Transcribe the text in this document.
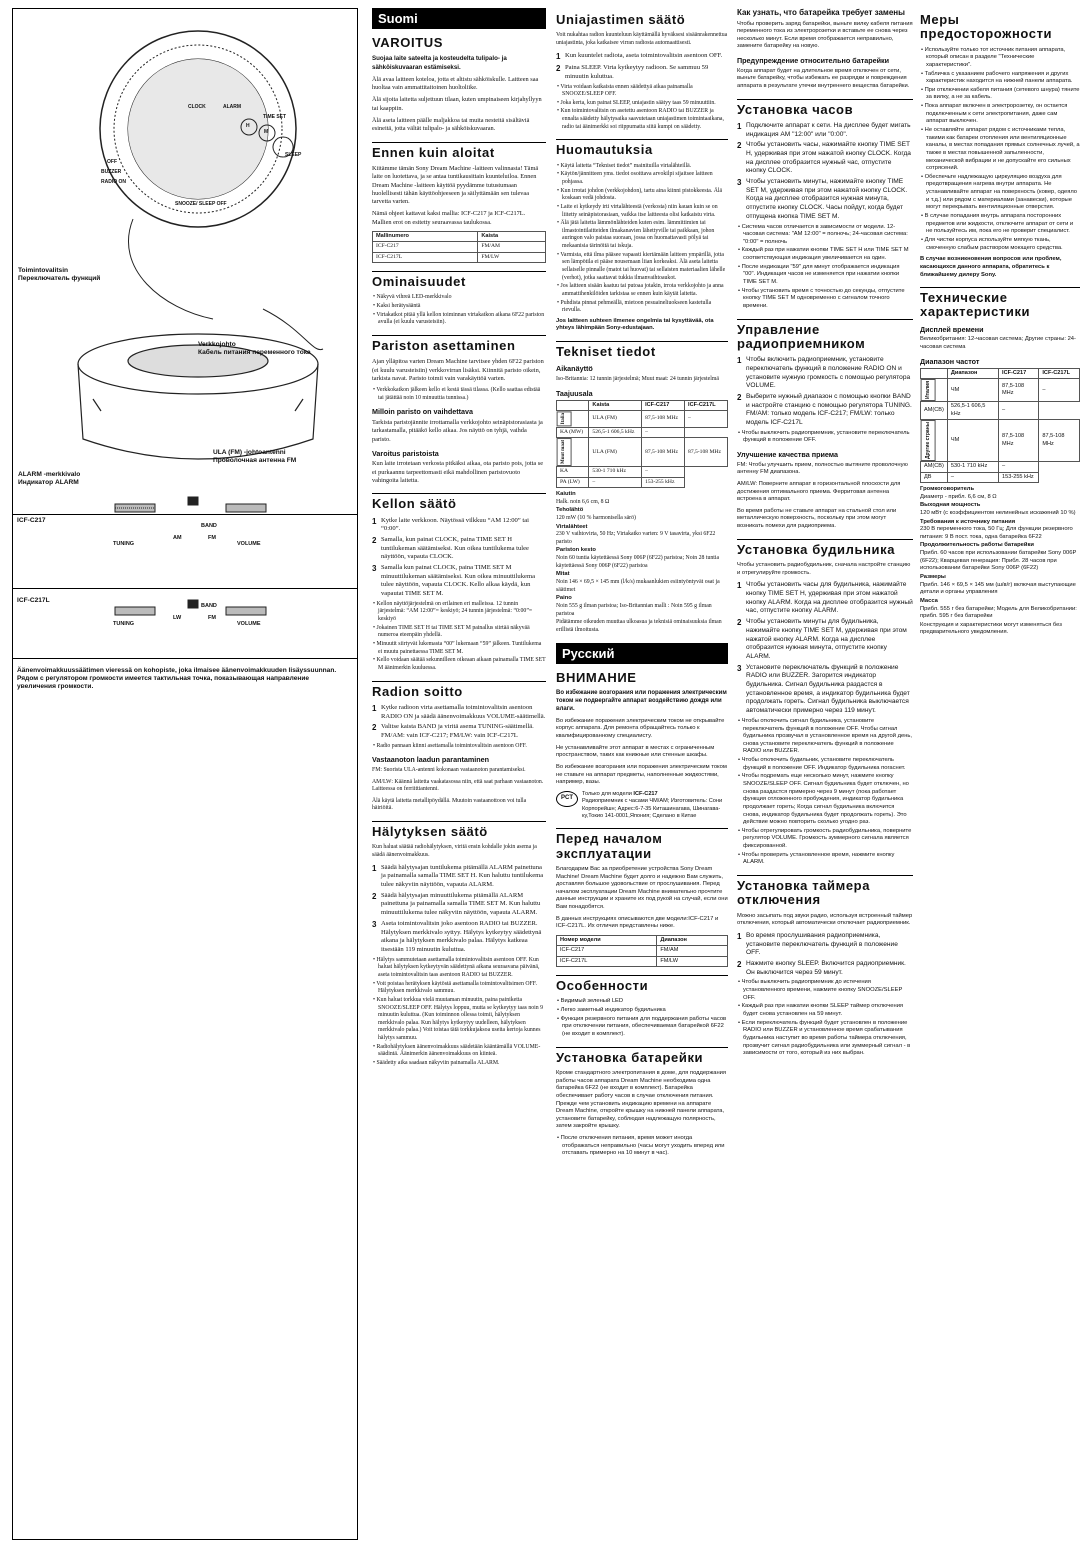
CLOCK	ALARM
TIME SET
H
M
SNOOZE/ SLEEP OFF
SLEEP
RADIO ON
OFF
BUZZER
Toimintovalitsin
Переключатель функций
Verkkojohto
Кабель питания переменного тока
ULA (FM) -johtoantenni
Проволочная антенна FM
ALARM -merkkivalo
Индикатор ALARM
ICF-C217
BAND
AM	FM
TUNING	VOLUME
ICF-C217L
BAND
LW	FM
TUNING	VOLUME
Äänenvoimakkuussäätimen vieressä on kohopiste, joka ilmaisee äänenvoimakkuuden lisäyssuunnan.
Рядом с регулятором громкости имеется тактильная точка, показывающая направление увеличения громкости.
Suomi
VAROITUS

Suojaa laite sateelta ja kosteudelta tulipalo- ja sähköiskuvaaran estämiseksi.

Älä avaa laitteen koteloa, jotta et altistu sähköiskulle. Laitteen saa huoltaa vain ammattitaitoinen huoltoliike.

Älä sijoita laitetta suljettuun tilaan, kuten umpinaiseen kirjahyllyyn tai kaappiin.

Älä aseta laitteen päälle maljakkoa tai muita nesteitä sisältäviä esineitä, jotta vältät tulipalo- ja sähköiskuvaaran.

Ennen kuin aloitat

Kiitämme tämän Sony Dream Machine -laitteen valinnasta! Tämä laite on luotettava, ja se antaa tuntikausittain kuunteluiloa. Ennen Dream Machine -laitteen käyttöä pyydämme tutustumaan huolellisesti tähän käyttöohjeeseen ja säilyttämään sen tulevaa tarvetta varten.

Nämä ohjeet kattavat kaksi mallia: ICF-C217 ja ICF-C217L. Mallien erot on esitetty seuraavassa taulukossa.

Mallinumero	Kaista
ICF-C217	FM/AM
ICF-C217L	FM/LW
Ominaisuudet
• Näkyvä vihreä LED-merkkivalo
• Kaksi herätysääntä
• Virtakatkot pitää yllä kellon toiminnan virtakatkon aikana 6F22 pariston avulla (ei kuulu varusteisiin).
Pariston asettaminen

Ajan ylläpitoa varten Dream Machine tarvitsee yhden 6F22 pariston (ei kuulu varusteisiin) verkkovirran lisäksi. Kiinnitä paristo oikein, tarkista navat. Paristo toimii vain varakäyttöä varten.

• Verkkokatkon jälkeen kello ei kestä tässä tilassa. (Kello saattaa edistää tai jätättää noin 10 minuuttia tunnissa.)
Milloin paristo on vaihdettava

Tarkista paristojännite irrottamalla verkkojohto seinäpistorasiasta ja tarkastamalla, pitääkö kello aikaa. Jos näyttö on tyhjä, vaihda paristo.

Varoitus paristoista

Kun laite irrotetaan verkosta pitkäksi aikaa, ota paristo pois, jotta se ei purkaannu tarpeettomasti eikä mahdollinen paristovuoto vahingoita laitetta.

Kellon säätö
1 Kytke laite verkkoon. Näytössä vilkkuu “AM 12:00” tai “0:00”.
2 Samalla, kun painat CLOCK, paina TIME SET H tuntilukeman säätämiseksi. Kun oikea tuntilukema tulee näyttöön, vapauta CLOCK.
3 Samalla kun painat CLOCK, paina TIME SET M minuuttilukeman säätämiseksi. Kun oikea minuuttilukema tulee näyttöön, vapauta CLOCK. Kello alkaa käydä, kun vapautat TIME SET M.
• Kellon näyttöjärjestelmä on erilainen eri malleissa. 12 tunnin järjestelmä: “AM 12:00”= keskiyö; 24 tunnin järjestelmä: “0:00”= keskiyö
• Jokainen TIME SET H tai TIME SET M painallus siirtää näkyvää numeroa eteenpäin yhdellä.
• Minuutit siirtyvät lukemasta “00” lukemaan “59” jälkeen. Tuntilukema ei muutu painettaessa TIME SET M.
• Kello voidaan säätää sekunnilleen oikeaan aikaan painamalla TIME SET M äänimerkin kuuluessa.
Radion soitto
1 Kytke radioon virta asettamalla toimintovalitsin asentoon RADIO ON ja säädä äänenvoimakkuus VOLUME-säätimellä.
2 Valitse kaista BAND ja viritä asema TUNING-säätimellä. FM/AM: vain ICF-C217; FM/LW: vain ICF-C217L
• Radio pannaan kiinni asettamalla toimintovalitsin asentoon OFF.
Vastaanoton laadun parantaminen

FM: Suorista ULA-antenni kokonaan vastaanoton parantamiseksi.

AM/LW: Käännä laitetta vaakatasossa niin, että saat parhaan vastaanoton. Laitteessa on ferriittiantenni.

Älä käytä laitetta metallipöydällä. Muutoin vastaanottoon voi tulla häiriöitä.

Hälytyksen säätö

Kun haluat säätää radiohälytyksen, viritä ensin kohdalle jokin asema ja säädä äänenvoimakkuus.

1 Säädä hälytysajan tuntilukema pitämällä ALARM painettuna ja painamalla samalla TIME SET H. Kun haluttu tuntilukema tulee näkyviin näyttöön, vapauta ALARM.
2 Säädä hälytysajan minuuttilukema pitämällä ALARM painettuna ja painamalla samalla TIME SET M. Kun haluttu minuuttilukema tulee näkyviin näyttöön, vapauta ALARM.
3 Aseta toimintovalitsin joko asentoon RADIO tai BUZZER. Hälytyksen merkkivalo syttyy. Hälytys kytkeytyy säädettynä aikana ja hälytyksen merkkivalo palaa. Hälytys katkeaa itsestään 119 minuutin kuluttua.
• Hälytys sammutetaan asettamalla toimintovalitsin asentoon OFF. Kun haluat hälytyksen kytkeytyvän säädettynä aikana seuraavana päivänä, aseta toimintovalitsin taas asentoon RADIO tai BUZZER.
• Voit poistaa herätyksen käytöstä asettamalla toimintovalitsimen OFF. Hälytyksen merkkivalo sammuu.
• Kun haluat torkkua vielä muutaman minuutin, paina painiketta SNOOZE/SLEEP OFF. Hälytys loppuu, mutta se kytkeytyy taas noin 9 minuutin kuluttua. (Kun toiminnon ollessa toimii, hälytyksen merkkivalo palaa. Kun hälytys kytkeytyy uudelleen, hälytyksen merkkivalo palaa.) Voit toistaa tätä torkkujaksoa useita kertoja kunnes hälytys sammuu.
• Radiohälytyksen äänenvoimakkuus säädetään kääntämällä VOLUME-säädintä. Äänimerkin äänenvoimakkuus on kiinteä.
• Säädetty aika saadaan näkyviin painamalla ALARM.
Uniajastimen säätö

Voit nukahtaa radion kuunteluun käyttämällä hyväksesi sisäänrakennettua uniajastinta, joka katkaisee virran radiosta automaattisesti.

1 Kun kuuntelet radiota, aseta toimintovalitsin asentoon OFF.
2 Paina SLEEP. Virta kytkeytyy radioon. Se sammuu 59 minuutin kuluttua.
• Virta voidaan katkaista ennen säädettyä aikaa painamalla SNOOZE/SLEEP OFF.
• Joka kerta, kun painat SLEEP, uniajastin säätyy taas 59 minuuttiin.
• Kun toimintovalitsin on asetettu asentoon RADIO tai BUZZER ja ennalta säädetty hälytysaika saavutetaan uniajastimen toimintaaikana, radio tai äänimerkki soi riippumatta siitä kumpi on säädetty.
Huomautuksia
• Käytä laitetta “Tekniset tiedot” mainituilla virtalähteillä.
• Käytön/jännitteen yms. tiedot osoittava arvokilpi sijaitsee laitteen pohjassa.
• Kun irrotat johdon (verkkojohdon), tartu aina kiinni pistokkeesta. Älä koskaan vedä johdosta.
• Laite ei kytkeydy irti virtalähteestä (verkosta) niin kauan kuin se on liitetty seinäpistorasiaan, vaikka itse laitteesta olisi katkaistu virta.
• Älä jätä laitetta lämmönlähteiden kuten esim. lämmittimien tai ilmastointilaitteiden ilmakanavien lähettyville tai paikkaan, johon auringon valo paistaa suoraan, jossa on huomattavasti pölyä tai mekaanisia tärinöitä tai iskuja.
• Varmista, että ilma pääsee vapaasti kiertämään laitteen ympärillä, jotta sen lämpötila ei pääse nousemaan liian korkeaksi. Älä aseta laitetta sellaiselle pinnalle (matot tai huovat) tai sellaisten materiaalien lähelle (verhot), jotka saattavat tukkia ilmanvaihtoaukot.
• Jos laitteen sisään kaatuu tai putoaa jotakin, irrota verkkojohto ja anna ammattihenkilöiden tarkistaa se ennen kuin käytät laitetta.
• Puhdista pinnat pehmeällä, mietoon pesuaineliuokseen kastetulla rievulla.

Jos laitteen suhteen ilmenee ongelmia tai kysyttävää, ota yhteys lähimpään Sony-edustajaan.

Tekniset tiedot
Aikanäyttö

Iso-Britannia: 12 tunnin järjestelmä; Muut maat: 24 tunnin järjestelmä

Taajuusala
	Kaista	ICF-C217	ICF-C217L

Italia	ULA (FM)	87,5-108 MHz	–
KA (MW)	526,5-1 606,5 kHz	–	

Muut maat	ULA (FM)	87,5-108 MHz	87,5-108 MHz
KA	530-1 710 kHz	–	
PA (LW)	–	153-255 kHz	

Kaiutin
Halk. noin 6,6 cm, 8 Ω

Teholähtö
120 mW (10 % harmonisella särö)

Virtalähteet
230 V vaihtovirta, 50 Hz; Virtakatko varten: 9 V tasavirta, yksi 6F22 paristo

Pariston kesto
Noin 60 tuntia käytettäessä Sony 006P (6F22) paristoa; Noin 28 tuntia käytettäessä Sony 006P (6F22) paristoa

Mitat
Noin 146 × 69,5 × 145 mm (l/k/s) mukaanlukien esiintyöntyvät osat ja säätimet

Paino
Noin 555 g ilman paristoa; Iso-Britannian malli : Noin 595 g ilman paristoa

Pidätämme oikeuden muuttaa ulkoasua ja teknisiä ominaisuuksia ilman erillistä ilmoitusta.

Русский
ВНИМАНИЕ

Во избежание возгорания или поражения электрическим током не подвергайте аппарат воздействию дождя или влаги.

Во избежание поражения электрическим током не открывайте корпус аппарата. Для ремонта обращайтесь только к квалифицированному специалисту.

Не устанавливайте этот аппарат в местах с ограниченным пространством, таких как книжные или стенные шкафы.

Во избежание возгорания или поражения электрическим током не ставьте на аппарат предметы, наполненные жидкостями, например, вазы.

PCT
Только для модели ICF-C217
Радиоприемник с часами ЧМ/АМ; Изготовитель: Сони Корпорейшн; Адрес:6-7-35 Киташинагава, Шинагава-ку,Токио 141-0001,Япония; Сделано в Китае
Перед началом эксплуатации

Благодарим Вас за приобретение устройства Sony Dream Machine! Dream Machine будет долго и надежно Вам служить, доставляя большое удовольствие от прослушивания. Перед началом эксплуатации Dream Machine внимательно прочтите данные инструкции и храните их под рукой на случай, если они Вам понадобятся.

В данных инструкциях описываются две модели:ICF-C217 и ICF-C217L. Их отличия представлены ниже.

Номер модели	Диапазон
ICF-C217	FM/AM
ICF-C217L	FM/LW
Особенности
• Видимый зеленый LED
• Легко заметный индикатор будильника
• Функция резервного питания для поддержания работы часов при отключении питания, обеспечиваемая батарейкой 6F22 (не входит в комплект).
Установка батарейки

Кроме стандартного электропитания в доме, для поддержания работы часов аппарата Dream Machine необходима одна батарейка 6F22 (не входит в комплект). Батарейка обеспечивает работу часов в случае отключения питания. Прежде чем установить индикацию времени на аппарате Dream Machine, откройте крышку на нижней панели аппарата, установите батарейку, соблюдая надлежащую полярность, затем закройте крышку.

• После отключения питания, время может иногда отображаться неправильно (часы могут уходить вперед или отставать примерно на 10 минут в час).
Как узнать, что батарейка требует замены

Чтобы проверить заряд батарейки, выньте вилку кабеля питания переменного тока из электророзетки и вставьте ее снова через несколько минут. Если время отображается неправильно, замените батарейку на новую.

Предупреждение относительно батарейки

Когда аппарат будет на длительное время отключен от сети, выньте батарейку, чтобы избежать ее разрядки и повреждения аппарата в результате утечки внутреннего вещества батарейки.

Установка часов
1 Подключите аппарат к сети. На дисплее будет мигать индикация AM "12:00" или "0:00".
2 Чтобы установить часы, нажимайте кнопку TIME SET H, удерживая при этом нажатой кнопку CLOCK. Когда на дисплее отобразится нужный час, отпустите кнопку CLOCK.
3 Чтобы установить минуты, нажимайте кнопку TIME SET M, удерживая при этом нажатой кнопку CLOCK. Когда на дисплее отобразится нужная минута, отпустите кнопку CLOCK. Часы пойдут, когда будет отпущена кнопка TIME SET M.
• Система часов отличается в зависимости от модели. 12-часовая система: "AM 12:00" = полночь; 24-часовая система: "0:00" = полночь
• Каждый раз при нажатии кнопки TIME SET H или TIME SET M соответствующая индикация увеличивается на один.
• После индикации "59" для минут отображается индикация "00". Индикация часов не изменяется при нажатии кнопки TIME SET M.
• Чтобы установить время с точностью до секунды, отпустите кнопку TIME SET M одновременно с сигналом точного времени.
Управление радиоприемником
1 Чтобы включить радиоприемник, установите переключатель функций в положение RADIO ON и установите нужную громкость с помощью регулятора VOLUME.
2 Выберите нужный диапазон с помощью кнопки BAND и настройте станцию с помощью регулятора TUNING. FM/AM: только модель ICF-C217; FM/LW: только модель ICF-C217L
• Чтобы выключить радиоприемник, установите переключатель функций в положение OFF.
Улучшение качества приема

FM: Чтобы улучшить прием, полностью вытяните проволочную антенну FM диапазона.

AM/LW: Поверните аппарат в горизонтальной плоскости для достижения оптимального приема. Ферритовая антенна встроена в аппарат.

Во время работы не ставьте аппарат на стальной стол или металлическую поверхность, поскольку при этом могут возникать помехи для радиоприема.

Установка будильника

Чтобы установить радиобудильник, сначала настройте станцию и отрегулируйте громкость.

1 Чтобы установить часы для будильника, нажимайте кнопку TIME SET H, удерживая при этом нажатой кнопку ALARM. Когда на дисплее отобразится нужный час, отпустите кнопку ALARM.
2 Чтобы установить минуты для будильника, нажимайте кнопку TIME SET M, удерживая при этом нажатой кнопку ALARM. Когда на дисплее отобразится нужная минута, отпустите кнопку ALARM.
3 Установите переключатель функций в положение RADIO или BUZZER. Загорится индикатор будильника. Сигнал будильника раздастся в установленное время, а индикатор будильника будет продолжать гореть. Сигнал будильника выключается автоматически примерно через 119 минут.
• Чтобы отключить сигнал будильника, установите переключатель функций в положение OFF. Чтобы сигнал будильника прозвучал в установленное время на другой день, снова установите переключатель функций в положение RADIO или BUZZER.
• Чтобы отключить будильник, установите переключатель функций в положение OFF. Индикатор будильника погаснет.
• Чтобы подремать еще несколько минут, нажмите кнопку SNOOZE/SLEEP OFF. Сигнал будильника будет отключен, но снова раздастся примерно через 9 минут (пока работает функция отложенного пробуждения, индикатор будильника продолжает гореть; Когда сигнал будильника включится снова, индикатор будильника будет продолжать гореть). Это действие можно повторить сколько угодно раз.
• Чтобы отрегулировать громкость радиобудильника, поверните регулятор VOLUME. Громкость зуммерного сигнала является фиксированной.
• Чтобы проверить установленное время, нажмите кнопку ALARM.
Установка таймера отключения

Можно засыпать под звуки радио, используя встроенный таймер отключения, который автоматически отключает радиоприемник.

1 Во время прослушивания радиоприемника, установите переключатель функций в положение OFF.
2 Нажмите кнопку SLEEP. Включится радиоприемник. Он выключится через 59 минут.
• Чтобы выключить радиоприемник до истечения установленного времени, нажмите кнопку SNOOZE/SLEEP OFF.
• Каждый раз при нажатии кнопки SLEEP таймер отключения будет снова установлен на 59 минут.
• Если переключатель функций будет установлен в положение RADIO или BUZZER и установленное время срабатывания будильника наступит во время работы таймера отключения, прозвучит сигнал радиобудильника или зуммерный сигнал - в зависимости от того, который из них выбран.
Меры предосторожности
• Используйте только тот источник питания аппарата, который описан в разделе "Технические характеристики".
• Табличка с указанием рабочего напряжения и других характеристик находится на нижней панели аппарата.
• При отключении кабеля питания (сетевого шнура) тяните за вилку, а не за кабель.
• Пока аппарат включен в электророзетку, он остается подключенным к сети электропитания, даже сам аппарат выключен.
• Не оставляйте аппарат рядом с источниками тепла, такими как батареи отопления или вентиляционные каналы, в местах попадания прямых солнечных лучей, а также в местах повышенной запыленности, механической вибрации и не допускайте его сильных сотрясений.
• Обеспечьте надлежащую циркуляцию воздуха для предотвращения нагрева внутри аппарата. Не устанавливайте аппарат на поверхность (ковер, одеяло и т.д.) или рядом с материалами (занавески), которые могут перекрывать вентиляционные отверстия.
• В случае попадания внутрь аппарата посторонних предметов или жидкости, отключите аппарат от сети и не пользуйтесь им, пока его не проверит специалист.
• Для чистки корпуса используйте мягкую ткань, смоченную слабым раствором моющего средства.

В случае возникновения вопросов или проблем, касающихся данного аппарата, обратитесь к ближайшему дилеру Sony.

Технические характеристики
Дисплей времени

Великобритания: 12-часовая система; Другие страны: 24-часовая система

Диапазон частот
	Диапазон	ICF-C217	ICF-C217L

Италия	ЧМ	87,5-108 MHz	–
AM(СВ)	526,5-1 606,5 kHz	–	

Другие страны	ЧМ	87,5-108 MHz	87,5-108 MHz
AM(СВ)	530-1 710 kHz	–	
ДВ	–	153-255 kHz	

Громкоговоритель
Диаметр - прибл. 6,6 см, 8 Ω

Выходная мощность
120 мВт (с коэффициентом нелинейных искажений 10 %)

Требования к источнику питания
230 В переменного тока, 50 Гц; Для функции резервного питания: 9 В пост. тока, одна батарейка 6F22

Продолжительность работы батарейки
Прибл. 60 часов при использовании батарейки Sony 006P (6F22); Кварцевая генерация: Прибл. 28 часов при использовании батарейки Sony 006P (6F22)

Размеры
Прибл. 146 × 69,5 × 145 мм (ш/в/г) включая выступающие детали и органы управления

Масса
Прибл. 555 г без батарейки; Модель для Великобритании: прибл. 595 г без батарейки

Конструкция и характеристики могут изменяться без предварительного уведомления.
